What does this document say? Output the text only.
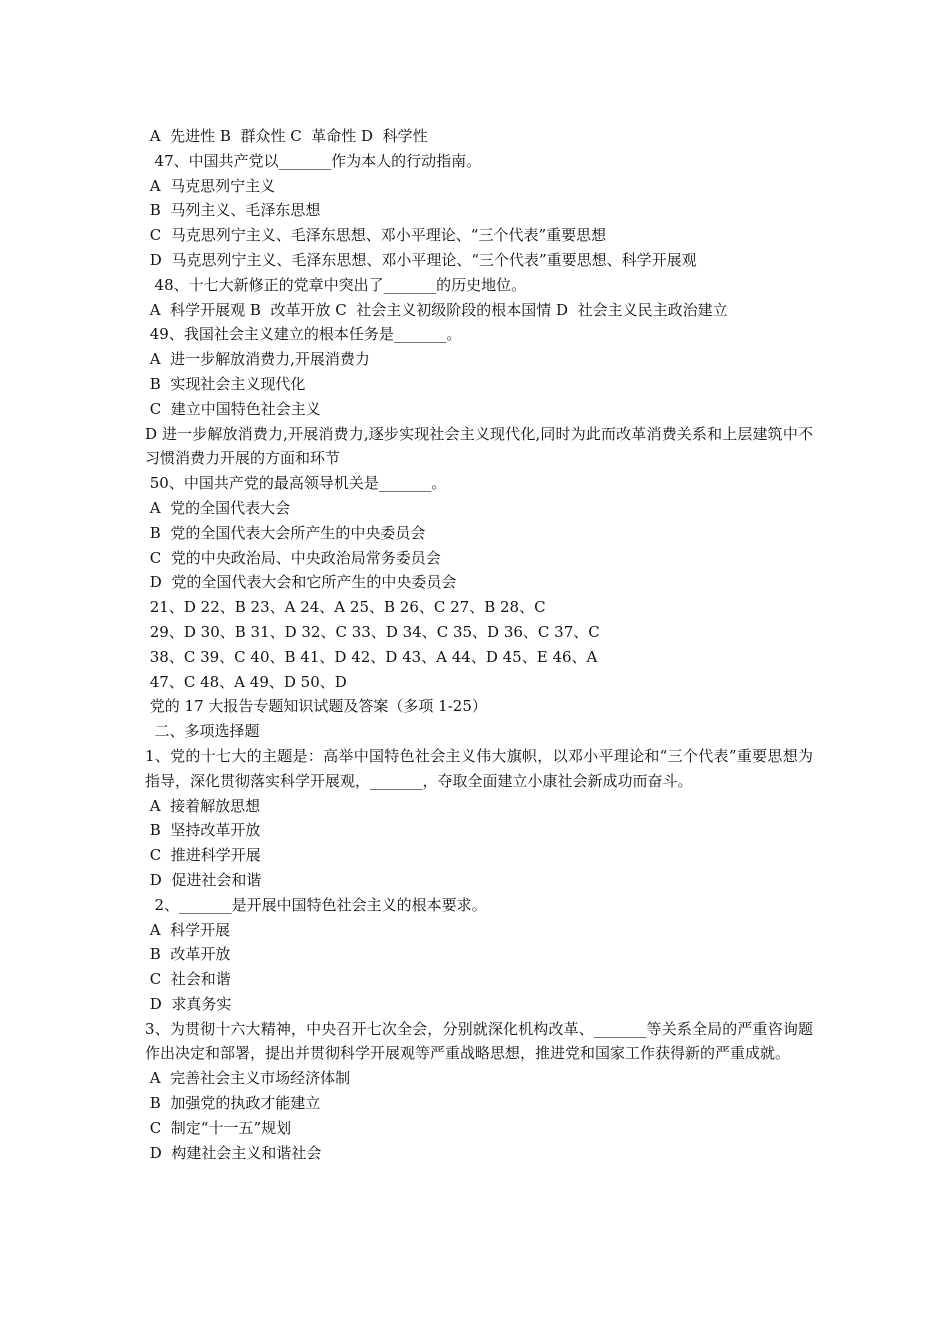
A  先进性 B  群众性 C  革命性 D  科学性
47、中国共产党以_______作为本人的行动指南。
A  马克思列宁主义
B  马列主义、毛泽东思想
C  马克思列宁主义、毛泽东思想、邓小平理论、“三个代表”重要思想
D  马克思列宁主义、毛泽东思想、邓小平理论、“三个代表”重要思想、科学开展观
48、十七大新修正的党章中突出了_______的历史地位。
A  科学开展观 B  改革开放 C  社会主义初级阶段的根本国情 D  社会主义民主政治建立
49、我国社会主义建立的根本任务是_______。
A  进一步解放消费力,开展消费力
B  实现社会主义现代化
C  建立中国特色社会主义
D 进一步解放消费力,开展消费力,逐步实现社会主义现代化,同时为此而改革消费关系和上层建筑中不习惯消费力开展的方面和环节
50、中国共产党的最高领导机关是_______。
A  党的全国代表大会
B  党的全国代表大会所产生的中央委员会
C  党的中央政治局、中央政治局常务委员会
D  党的全国代表大会和它所产生的中央委员会
21、D 22、B 23、A 24、A 25、B 26、C 27、B 28、C
29、D 30、B 31、D 32、C 33、D 34、C 35、D 36、C 37、C
38、C 39、C 40、B 41、D 42、D 43、A 44、D 45、E 46、A
47、C 48、A 49、D 50、D
党的 17 大报告专题知识试题及答案（多项 1-25）
二、多项选择题
1、党的十七大的主题是：高举中国特色社会主义伟大旗帜，以邓小平理论和“三个代表”重要思想为指导，深化贯彻落实科学开展观，_______，夺取全面建立小康社会新成功而奋斗。
A  接着解放思想
B  坚持改革开放
C  推进科学开展
D  促进社会和谐
2、_______是开展中国特色社会主义的根本要求。
A  科学开展
B  改革开放
C  社会和谐
D  求真务实
3、为贯彻十六大精神，中央召开七次全会，分别就深化机构改革、_______等关系全局的严重咨询题作出决定和部署，提出并贯彻科学开展观等严重战略思想，推进党和国家工作获得新的严重成就。
A  完善社会主义市场经济体制
B  加强党的执政才能建立
C  制定“十一五”规划
D  构建社会主义和谐社会
